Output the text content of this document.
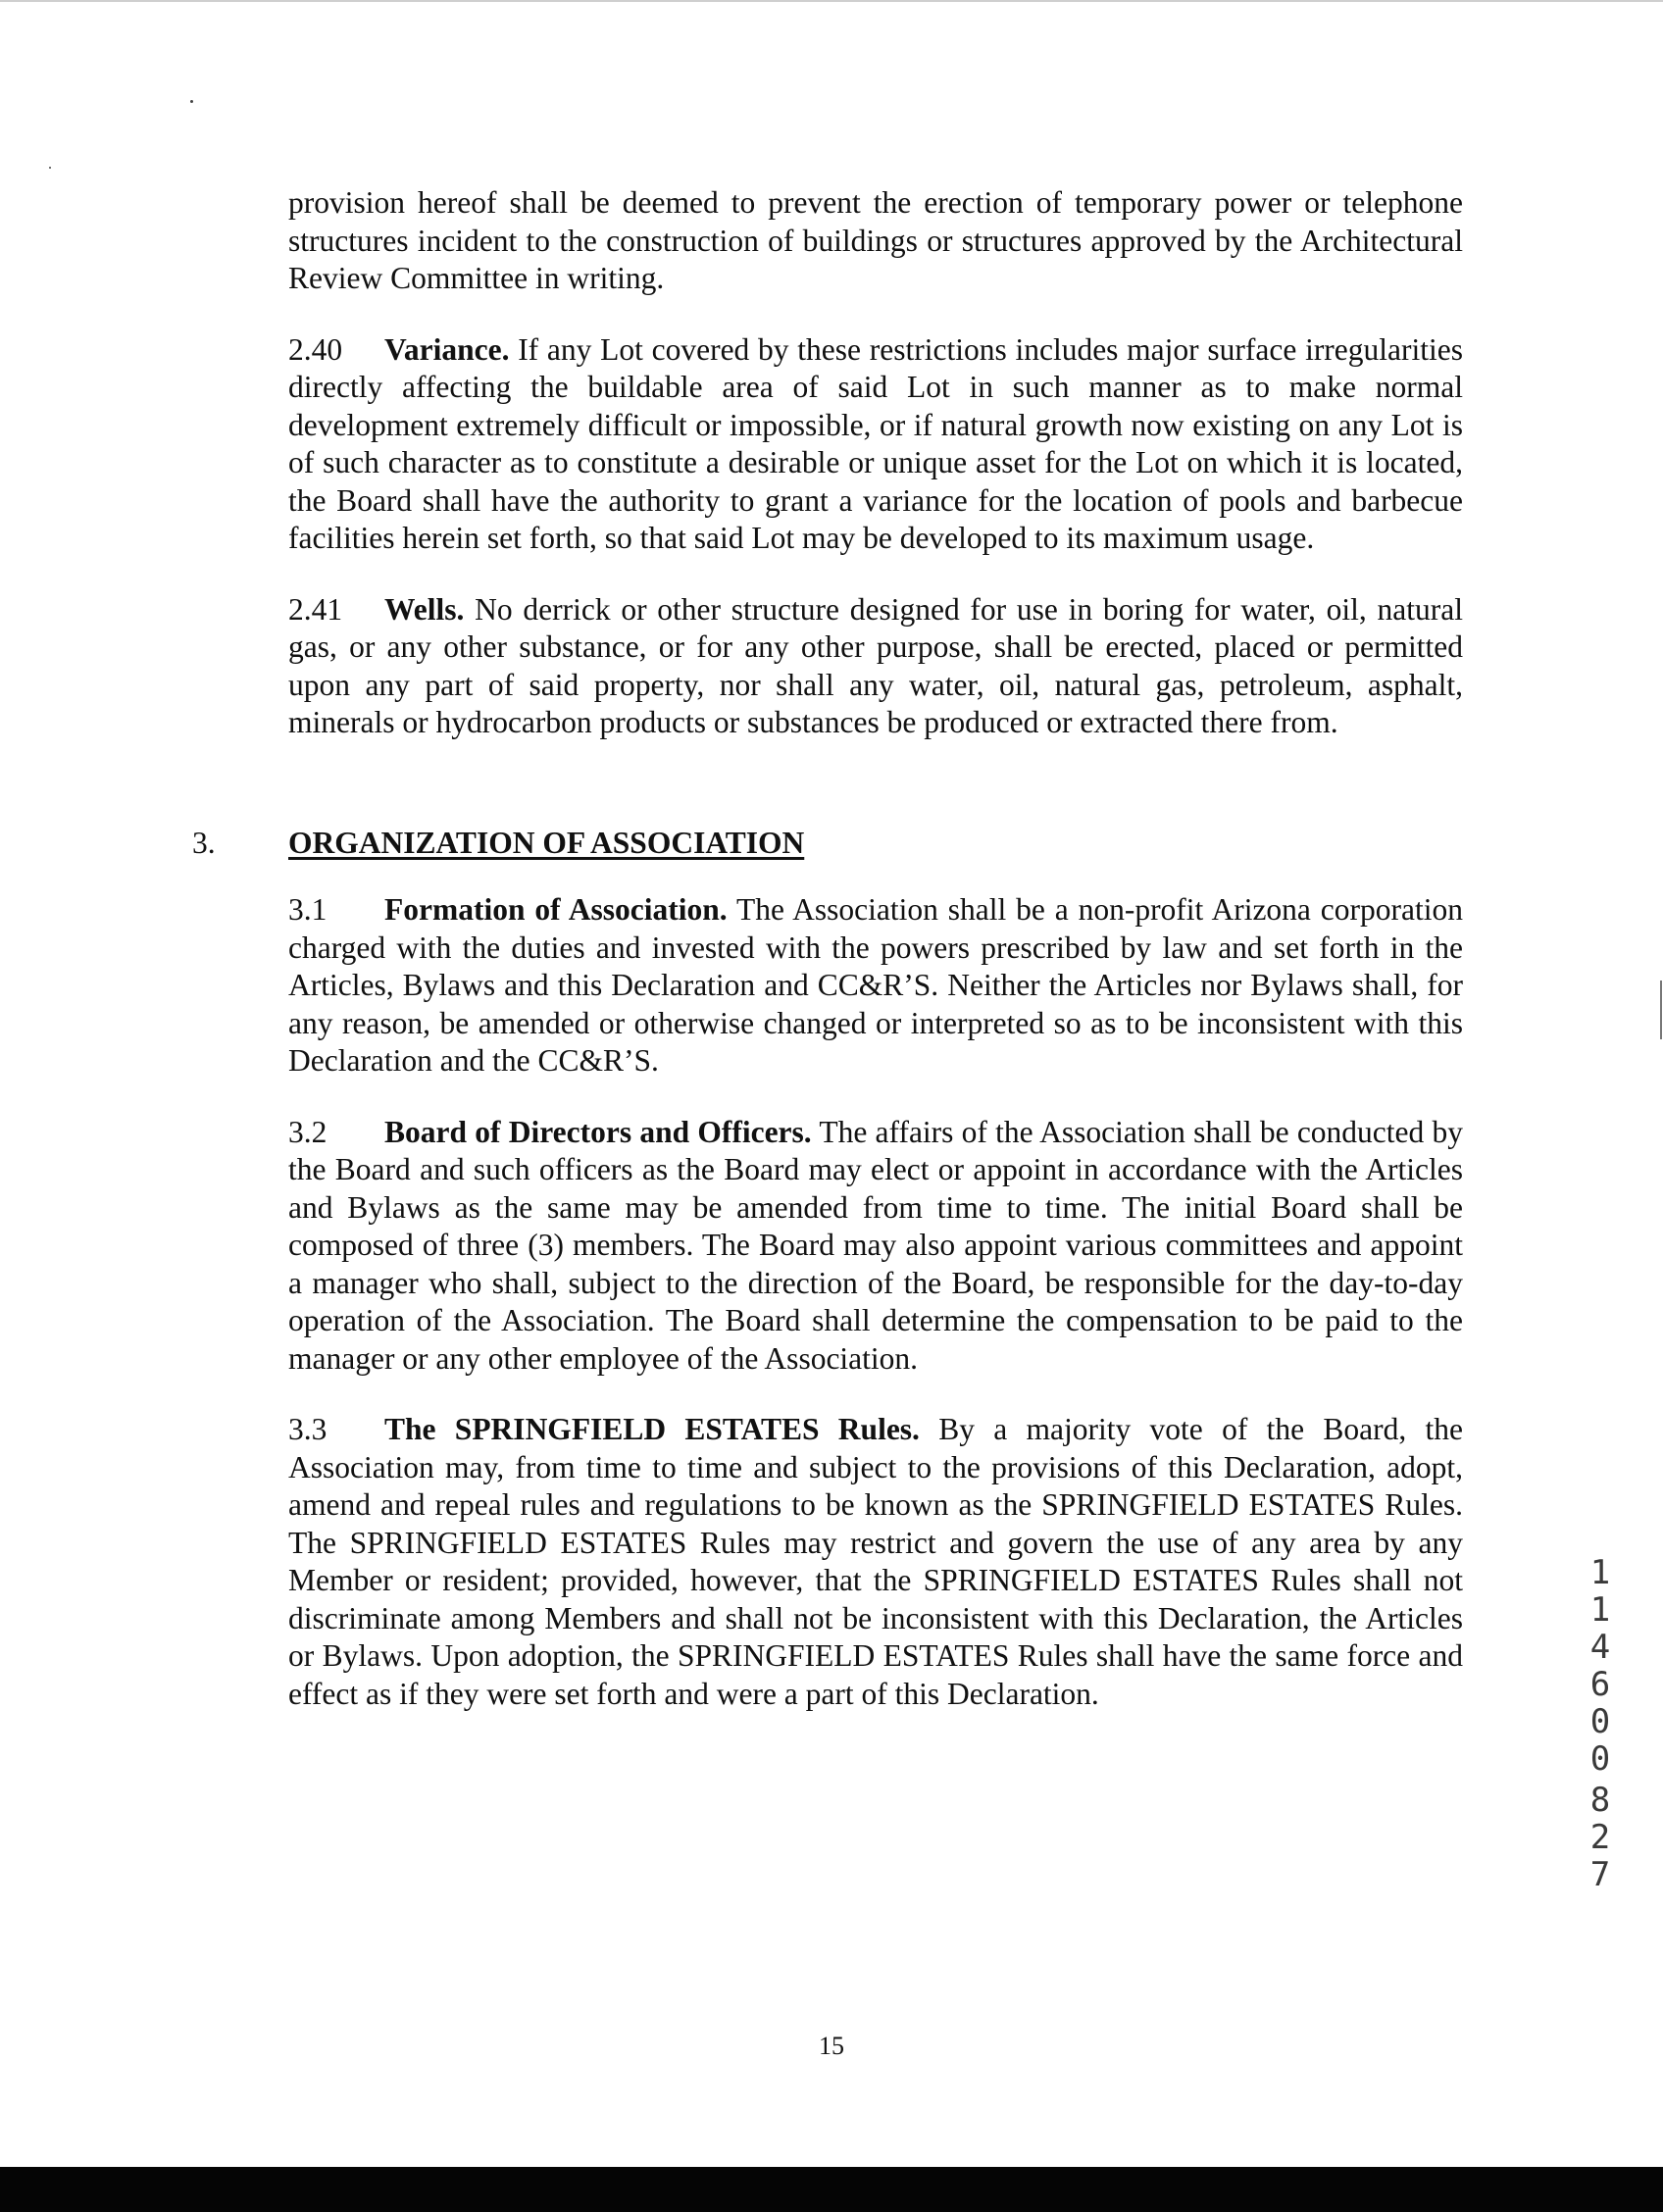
provision hereof shall be deemed to prevent the erection of temporary power or telephone structures incident to the construction of buildings or structures approved by the Architectural Review Committee in writing.

2.40 Variance. If any Lot covered by these restrictions includes major surface irregularities directly affecting the buildable area of said Lot in such manner as to make normal development extremely difficult or impossible, or if natural growth now existing on any Lot is of such character as to constitute a desirable or unique asset for the Lot on which it is located, the Board shall have the authority to grant a variance for the location of pools and barbecue facilities herein set forth, so that said Lot may be developed to its maximum usage.

2.41 Wells. No derrick or other structure designed for use in boring for water, oil, natural gas, or any other substance, or for any other purpose, shall be erected, placed or permitted upon any part of said property, nor shall any water, oil, natural gas, petroleum, asphalt, minerals or hydrocarbon products or substances be produced or extracted there from.

3. ORGANIZATION OF ASSOCIATION

3.1 Formation of Association. The Association shall be a non-profit Arizona corporation charged with the duties and invested with the powers prescribed by law and set forth in the Articles, Bylaws and this Declaration and CC&R’S. Neither the Articles nor Bylaws shall, for any reason, be amended or otherwise changed or interpreted so as to be inconsistent with this Declaration and the CC&R’S.

3.2 Board of Directors and Officers. The affairs of the Association shall be conducted by the Board and such officers as the Board may elect or appoint in accordance with the Articles and Bylaws as the same may be amended from time to time. The initial Board shall be composed of three (3) members. The Board may also appoint various committees and appoint a manager who shall, subject to the direction of the Board, be responsible for the day-to-day operation of the Association. The Board shall determine the compensation to be paid to the manager or any other employee of the Association.

3.3 The SPRINGFIELD ESTATES Rules. By a majority vote of the Board, the Association may, from time to time and subject to the provisions of this Declaration, adopt, amend and repeal rules and regulations to be known as the SPRINGFIELD ESTATES Rules. The SPRINGFIELD ESTATES Rules may restrict and govern the use of any area by any Member or resident; provided, however, that the SPRINGFIELD ESTATES Rules shall not discriminate among Members and shall not be inconsistent with this Declaration, the Articles or Bylaws. Upon adoption, the SPRINGFIELD ESTATES Rules shall have the same force and effect as if they were set forth and were a part of this Declaration.

1
1
4
6
0
0
8
2
7
15
